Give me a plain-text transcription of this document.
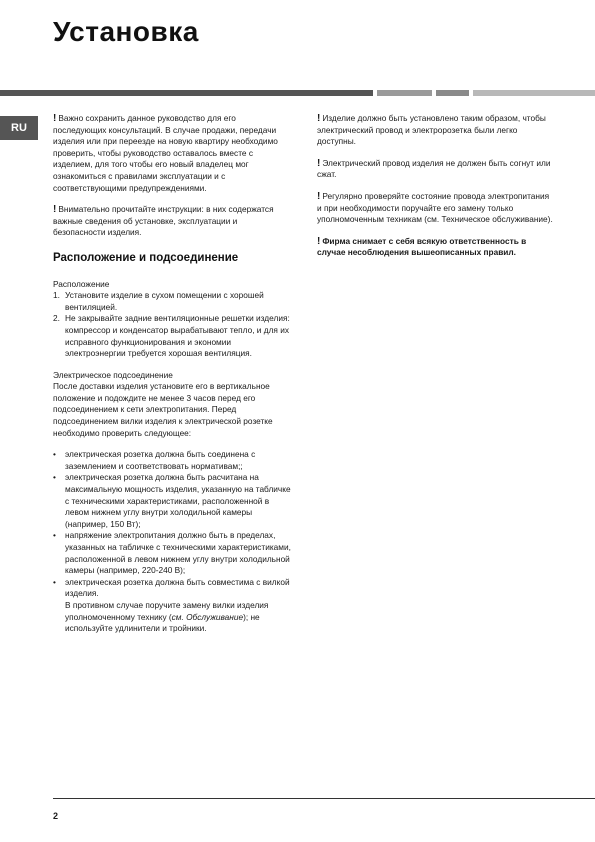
Установка
RU

! Важно сохранить данное руководство для его последующих консультаций. В случае продажи, передачи изделия или при переезде на новую квартиру необходимо проверить, чтобы руководство оставалось вместе с изделием, для того чтобы его новый владелец мог ознакомиться с правилами эксплуатации и с соответствующими предупреждениями.

! Внимательно прочитайте инструкции: в них содержатся важные сведения об установке, эксплуатации и безопасности изделия.

Расположение и подсоединение
Расположение
1. Установите изделие в сухом помещении с хорошей вентиляцией.
2. Не закрывайте задние вентиляционные решетки изделия: компрессор и конденсатор вырабатывают тепло, и для их исправного функционирования и экономии электроэнергии требуется хорошая вентиляция.
Электрическое подсоединение
После доставки изделия установите его в вертикальное положение и подождите не менее 3 часов перед его подсоединением к сети электропитания. Перед подсоединением вилки изделия к электрической розетке необходимо проверить следующее:
• электрическая розетка должна быть соединена с заземлением и соответствовать нормативам;;
• электрическая розетка должна быть расчитана на максимальную мощность изделия, указанную на табличке с техническими характеристиками, расположенной в левом нижнем углу внутри холодильной камеры (например, 150 Вт);
• напряжение электропитания должно быть в пределах, указанных на табличке с техническими характеристиками, расположенной в левом нижнем углу внутри холодильной камеры (например, 220-240 В);
• электрическая розетка должна быть совместима с вилкой изделия.
В противном случае поручите замену вилки изделия уполномоченному технику (см. Обслуживание); не используйте удлинители и тройники.

! Изделие должно быть установлено таким образом, чтобы электрический провод и электророзетка были легко доступны.

! Электрический провод изделия не должен быть согнут или сжат.

! Регулярно проверяйте состояние провода электропитания и при необходимости поручайте его замену только уполномоченным техникам (см. Техническое обслуживание).

! Фирма снимает с себя всякую ответственность в случае несоблюдения вышеописанных правил.

2
